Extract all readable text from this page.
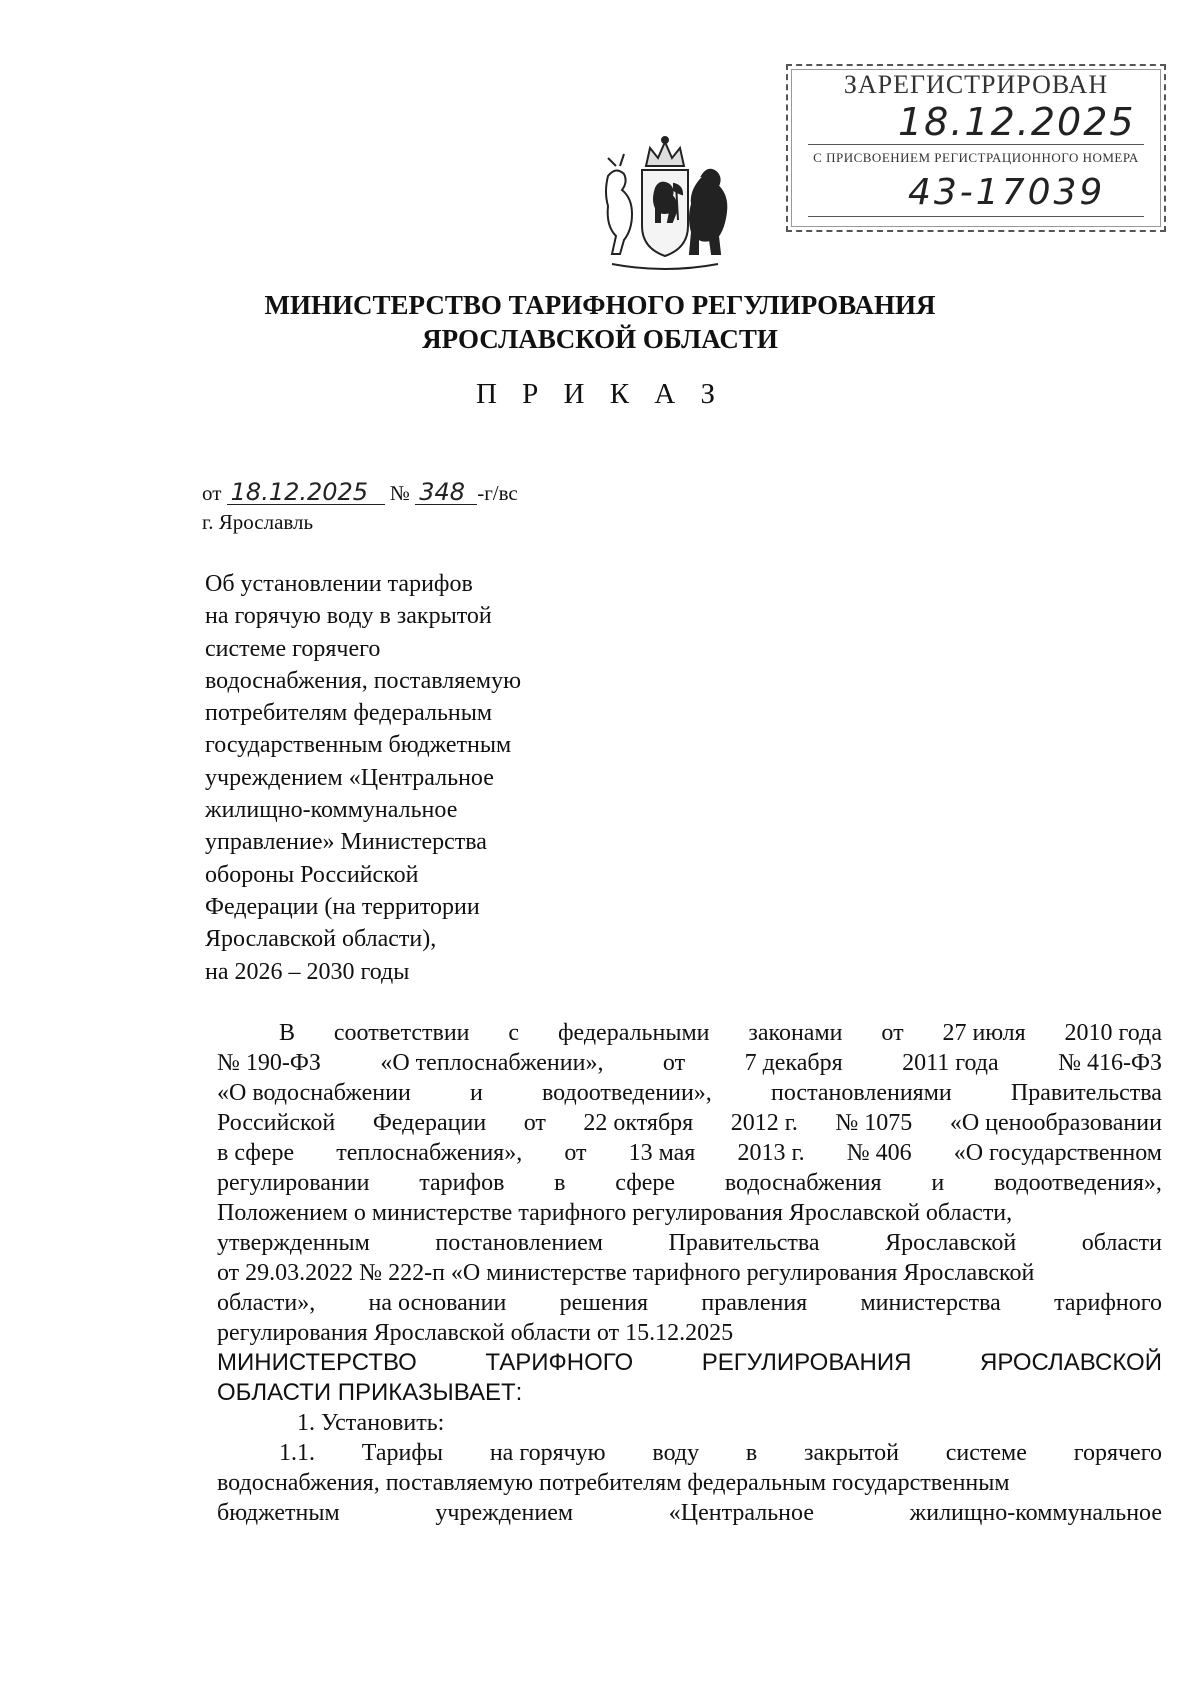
ЗАРЕГИСТРИРОВАН
18.12.2025
С ПРИСВОЕНИЕМ РЕГИСТРАЦИОННОГО НОМЕРА
43-17039
МИНИСТЕРСТВО ТАРИФНОГО РЕГУЛИРОВАНИЯ
ЯРОСЛАВСКОЙ ОБЛАСТИ
П Р И К А З
от 18.12.2025 № 348 -г/вс
г. Ярославль
Об установлении тарифов
на горячую воду в закрытой
системе горячего
водоснабжения, поставляемую
потребителям федеральным
государственным бюджетным
учреждением «Центральное
жилищно-коммунальное
управление» Министерства
обороны Российской
Федерации (на территории
Ярославской области),
на 2026 – 2030 годы
В соответствии с федеральными законами от 27 июля 2010 года
№ 190-ФЗ «О теплоснабжении», от 7 декабря 2011 года № 416-ФЗ
«О водоснабжении и водоотведении», постановлениями Правительства
Российской Федерации от 22 октября 2012 г. № 1075 «О ценообразовании
в сфере теплоснабжения», от 13 мая 2013 г. № 406 «О государственном
регулировании тарифов в сфере водоснабжения и водоотведения»,
Положением о министерстве тарифного регулирования Ярославской области,
утвержденным	постановлением	Правительства	Ярославской	области
от 29.03.2022 № 222-п «О министерстве тарифного регулирования Ярославской
области», на основании решения правления министерства тарифного
регулирования Ярославской области от 15.12.2025
МИНИСТЕРСТВО	ТАРИФНОГО	РЕГУЛИРОВАНИЯ	ЯРОСЛАВСКОЙ
ОБЛАСТИ ПРИКАЗЫВАЕТ:
1. Установить:
1.1. Тарифы на горячую воду в закрытой системе горячего
водоснабжения, поставляемую потребителям федеральным государственным
бюджетным	учреждением	«Центральное	жилищно-коммунальное
